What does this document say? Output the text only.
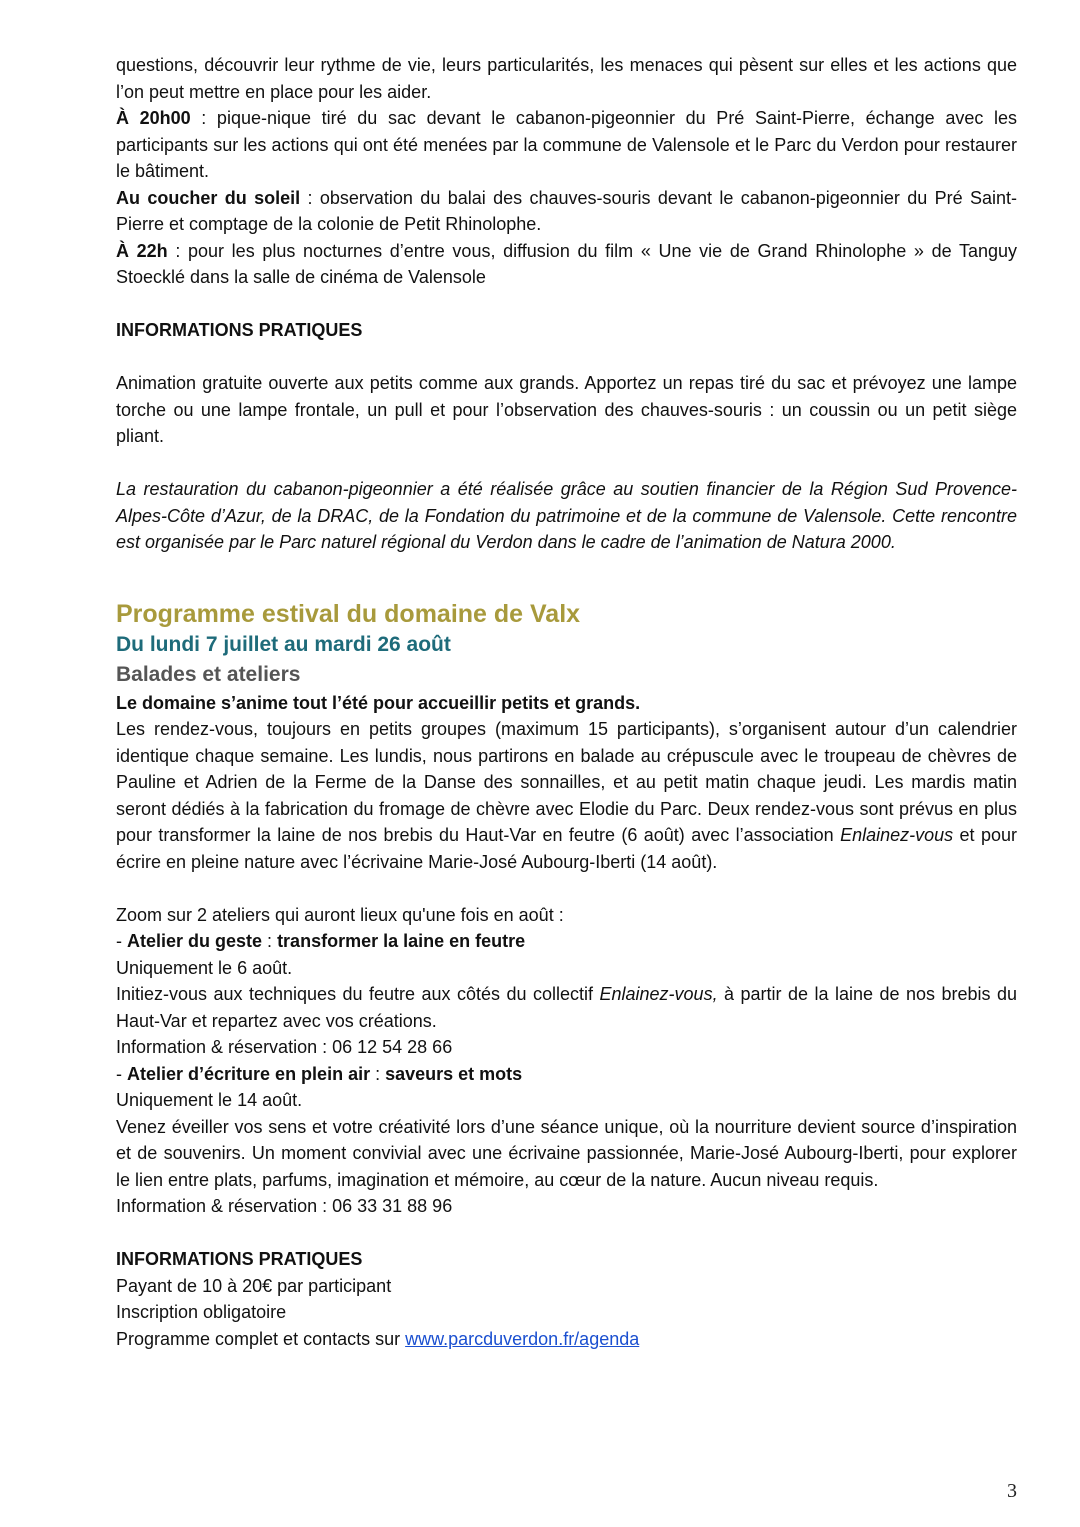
questions, découvrir leur rythme de vie, leurs particularités, les menaces qui pèsent sur elles et les actions que l’on peut mettre en place pour les aider.

À 20h00 : pique-nique tiré du sac devant le cabanon-pigeonnier du Pré Saint-Pierre, échange avec les participants sur les actions qui ont été menées par la commune de Valensole et le Parc du Verdon pour restaurer le bâtiment.

Au coucher du soleil : observation du balai des chauves-souris devant le cabanon-pigeonnier du Pré Saint-Pierre et comptage de la colonie de Petit Rhinolophe.

À 22h : pour les plus nocturnes d’entre vous, diffusion du film « Une vie de Grand Rhinolophe » de Tanguy Stoecklé dans la salle de cinéma de Valensole

INFORMATIONS PRATIQUES

Animation gratuite ouverte aux petits comme aux grands. Apportez un repas tiré du sac et prévoyez une lampe torche ou une lampe frontale, un pull et pour l’observation des chauves-souris : un coussin ou un petit siège pliant.

La restauration du cabanon-pigeonnier a été réalisée grâce au soutien financier de la Région Sud Provence-Alpes-Côte d’Azur, de la DRAC, de la Fondation du patrimoine et de la commune de Valensole. Cette rencontre est organisée par le Parc naturel régional du Verdon dans le cadre de l’animation de Natura 2000.

Programme estival du domaine de Valx
Du lundi 7 juillet au mardi 26 août
Balades et ateliers

Le domaine s’anime tout l’été pour accueillir petits et grands.

Les rendez-vous, toujours en petits groupes (maximum 15 participants), s’organisent autour d’un calendrier identique chaque semaine. Les lundis, nous partirons en balade au crépuscule avec le troupeau de chèvres de Pauline et Adrien de la Ferme de la Danse des sonnailles, et au petit matin chaque jeudi. Les mardis matin seront dédiés à la fabrication du fromage de chèvre avec Elodie du Parc. Deux rendez-vous sont prévus en plus pour transformer la laine de nos brebis du Haut-Var en feutre (6 août) avec l’association Enlainez-vous et pour écrire en pleine nature avec l’écrivaine Marie-José Aubourg-Iberti (14 août).

Zoom sur 2 ateliers qui auront lieux qu'une fois en août :

- Atelier du geste : transformer la laine en feutre

Uniquement le 6 août.

Initiez-vous aux techniques du feutre aux côtés du collectif Enlainez-vous, à partir de la laine de nos brebis du Haut-Var et repartez avec vos créations.

Information & réservation : 06 12 54 28 66

- Atelier d’écriture en plein air : saveurs et mots

Uniquement le 14 août.

Venez éveiller vos sens et votre créativité lors d’une séance unique, où la nourriture devient source d’inspiration et de souvenirs. Un moment convivial avec une écrivaine passionnée, Marie-José Aubourg-Iberti, pour explorer le lien entre plats, parfums, imagination et mémoire, au cœur de la nature. Aucun niveau requis.

Information & réservation : 06 33 31 88 96

INFORMATIONS PRATIQUES

Payant de 10 à 20€ par participant

Inscription obligatoire

Programme complet et contacts sur www.parcduverdon.fr/agenda

3
